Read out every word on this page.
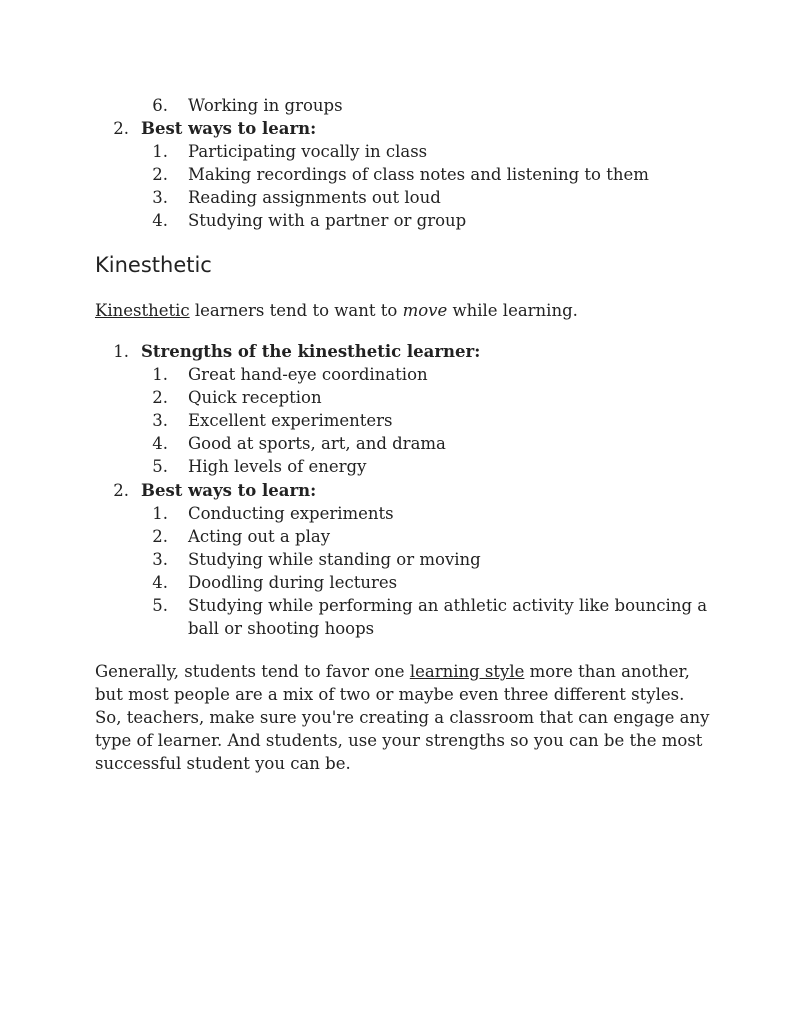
6. Working in groups
2. Best ways to learn:
1. Participating vocally in class
2. Making recordings of class notes and listening to them
3. Reading assignments out loud
4. Studying with a partner or group
Kinesthetic
Kinesthetic learners tend to want to move while learning.
1. Strengths of the kinesthetic learner:
1. Great hand-eye coordination
2. Quick reception
3. Excellent experimenters
4. Good at sports, art, and drama
5. High levels of energy
2. Best ways to learn:
1. Conducting experiments
2. Acting out a play
3. Studying while standing or moving
4. Doodling during lectures
5. Studying while performing an athletic activity like bouncing a
ball or shooting hoops
Generally, students tend to favor one learning style more than another, but most people are a mix of two or maybe even three different styles. So, teachers, make sure you're creating a classroom that can engage any type of learner. And students, use your strengths so you can be the most successful student you can be.
